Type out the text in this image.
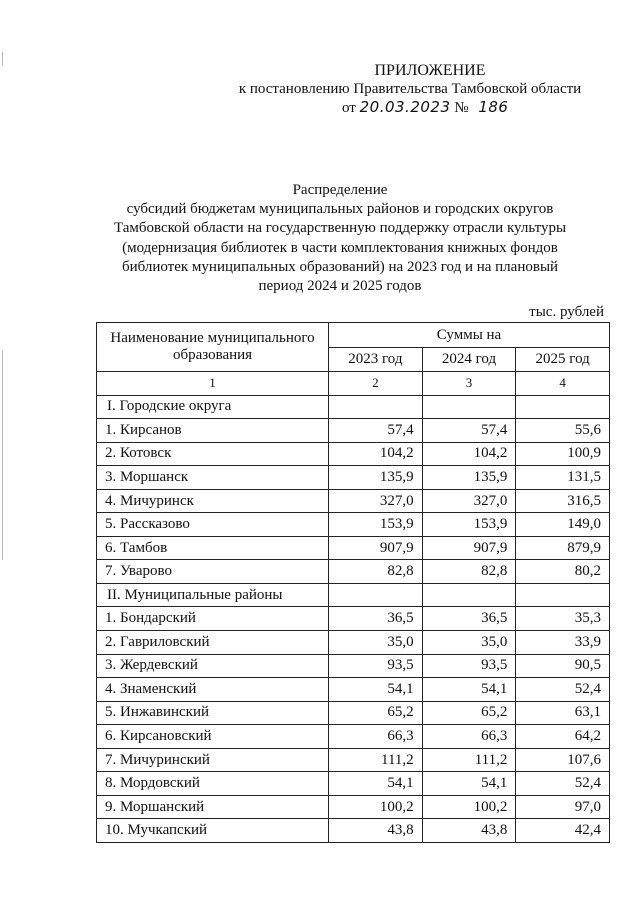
ПРИЛОЖЕНИЕ
к постановлению Правительства Тамбовской области
от 20.03.2023 № 186
Распределение
субсидий бюджетам муниципальных районов и городских округов
Тамбовской области на государственную поддержку отрасли культуры
(модернизация библиотек в части комплектования книжных фондов
библиотек муниципальных образований) на 2023 год и на плановый
период 2024 и 2025 годов
тыс. рублей
Наименование муниципального образования	Суммы на		
	2023 год	2024 год	2025 год
1	2	3	4
I. Городские округа			
1. Кирсанов	57,4	57,4	55,6
2. Котовск	104,2	104,2	100,9
3. Моршанск	135,9	135,9	131,5
4. Мичуринск	327,0	327,0	316,5
5. Рассказово	153,9	153,9	149,0
6. Тамбов	907,9	907,9	879,9
7. Уварово	82,8	82,8	80,2
II. Муниципальные районы			
1. Бондарский	36,5	36,5	35,3
2. Гавриловский	35,0	35,0	33,9
3. Жердевский	93,5	93,5	90,5
4. Знаменский	54,1	54,1	52,4
5. Инжавинский	65,2	65,2	63,1
6. Кирсановский	66,3	66,3	64,2
7. Мичуринский	111,2	111,2	107,6
8. Мордовский	54,1	54,1	52,4
9. Моршанский	100,2	100,2	97,0
10. Мучкапский	43,8	43,8	42,4
